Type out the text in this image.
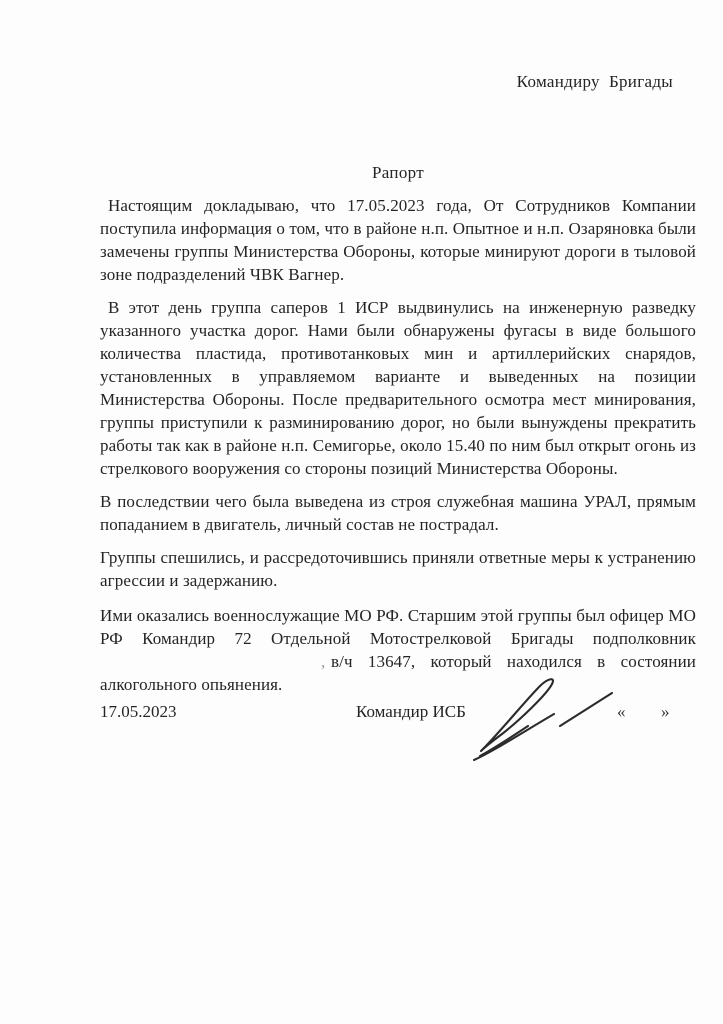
Командиру  Бригады
Рапорт

Настоящим докладываю, что 17.05.2023 года, От Сотрудников Компании поступила информация о том, что в районе н.п. Опытное и н.п. Озаряновка были замечены группы Министерства Обороны, которые минируют дороги в тыловой зоне подразделений ЧВК Вагнер.

В этот день группа саперов 1 ИСР выдвинулись на инженерную разведку указанного участка дорог. Нами были обнаружены фугасы в виде большого количества пластида, противотанковых мин и артиллерийских снарядов, установленных в управляемом варианте и выведенных на позиции Министерства Обороны. После предварительного осмотра мест минирования, группы приступили к разминированию дорог, но были вынуждены прекратить работы так как в районе н.п. Семигорье, около 15.40 по ним был открыт огонь из стрелкового вооружения со стороны позиций Министерства Обороны.

В последствии чего была выведена из строя служебная машина УРАЛ, прямым попаданием в двигатель, личный состав не пострадал.

Группы спешились, и рассредоточившись приняли ответные меры к устранению агрессии и задержанию.

Ими оказались военнослужащие МО РФ. Старшим этой группы был офицер МО РФ Командир 72 Отдельной Мотострелковой Бригады подполковник
, в/ч 13647, который находился в состоянии
алкогольного опьянения.
17.05.2023	Командир ИСБ	« »
